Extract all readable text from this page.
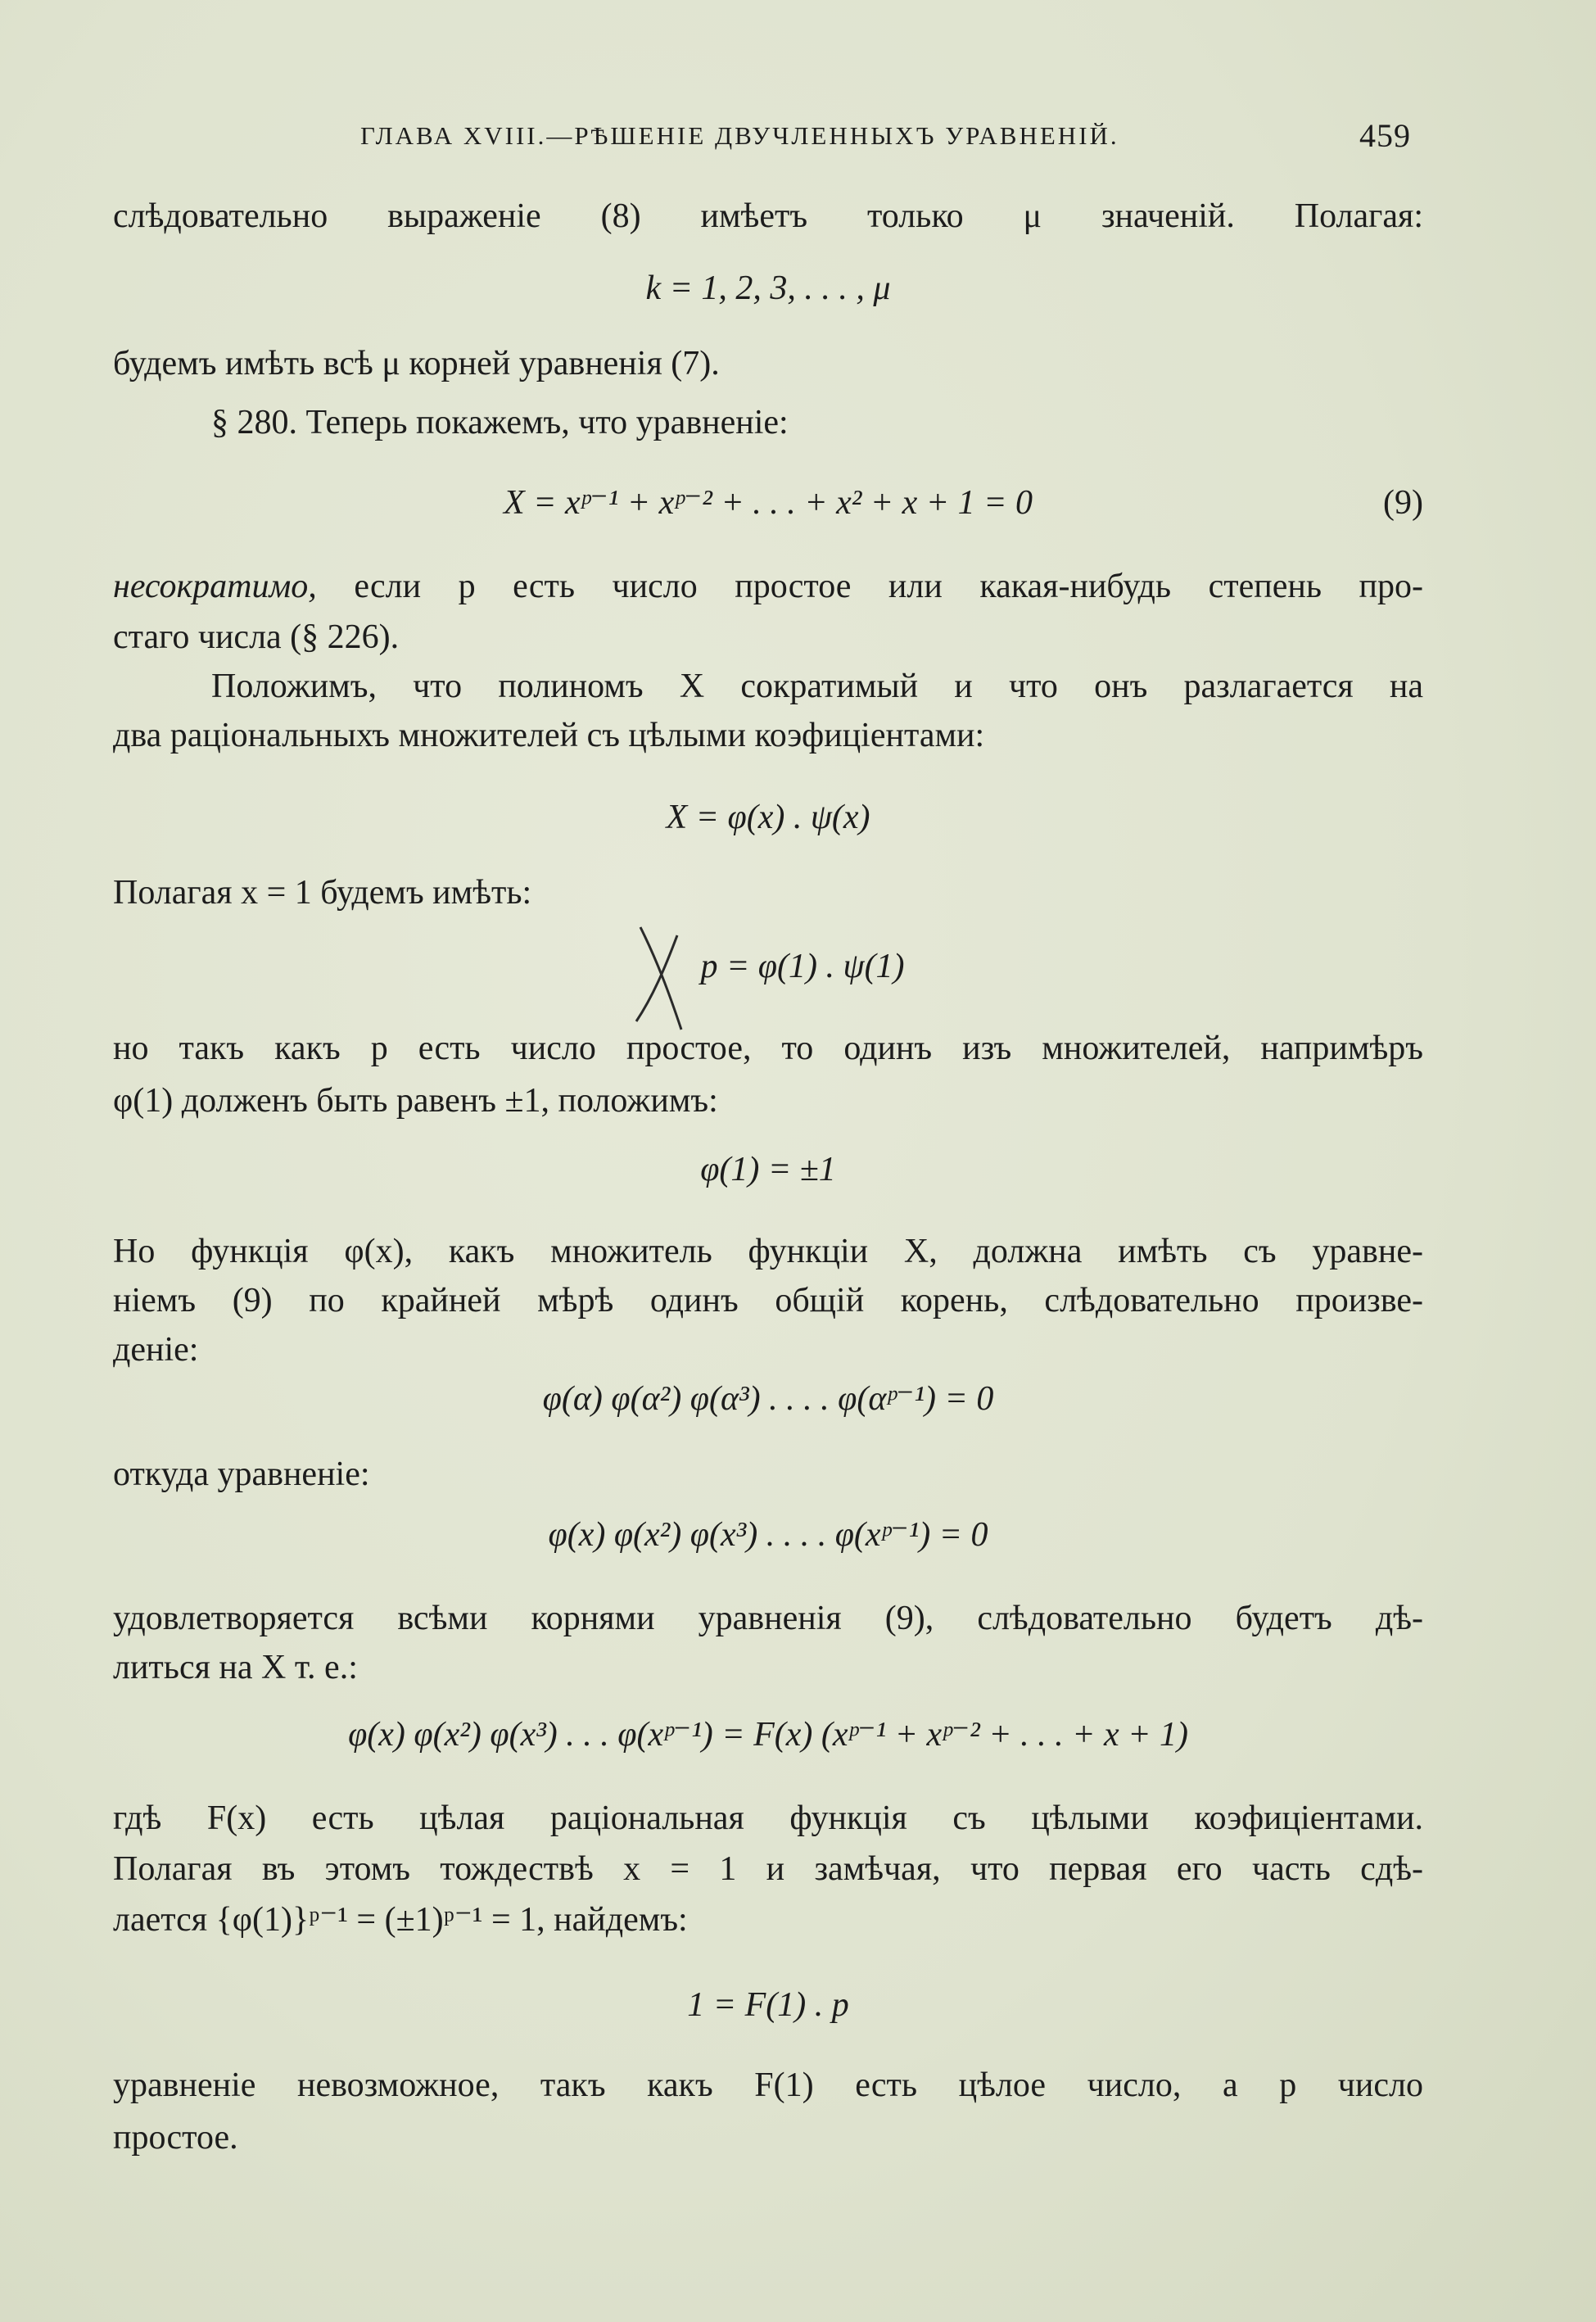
ГЛАВА XVIII.—РѢШЕНІЕ ДВУЧЛЕННЫХЪ УРАВНЕНІЙ.	459
слѣдовательно выраженіе (8) имѣетъ только μ значеній. Полагая:
k = 1, 2, 3, . . . , μ
будемъ имѣть всѣ μ корней уравненія (7).
§ 280. Теперь покажемъ, что уравненіе:
X = xᵖ⁻¹ + xᵖ⁻² + . . . + x² + x + 1 = 0	(9)
несократимо, если p есть число простое или какая-нибудь степень про-
стаго числа (§ 226).
Положимъ, что полиномъ X сократимый и что онъ разлагается на
два раціональныхъ множителей съ цѣлыми коэфиціентами:
X = φ(x) . ψ(x)
Полагая x = 1 будемъ имѣть:
p = φ(1) . ψ(1)
но такъ какъ p есть число простое, то одинъ изъ множителей, напримѣръ
φ(1) долженъ быть равенъ ±1, положимъ:
φ(1) = ±1
Но функція φ(x), какъ множитель функціи X, должна имѣть съ уравне-
ніемъ (9) по крайней мѣрѣ одинъ общій корень, слѣдовательно произве-
деніе:
φ(α) φ(α²) φ(α³) . . . . φ(αᵖ⁻¹) = 0
откуда уравненіе:
φ(x) φ(x²) φ(x³) . . . . φ(xᵖ⁻¹) = 0
удовлетворяется всѣми корнями уравненія (9), слѣдовательно будетъ дѣ-
литься на X т. е.:
φ(x) φ(x²) φ(x³) . . . φ(xᵖ⁻¹) = F(x) (xᵖ⁻¹ + xᵖ⁻² + . . . + x + 1)
гдѣ F(x) есть цѣлая раціональная функція съ цѣлыми коэфиціентами.
Полагая въ этомъ тождествѣ x = 1 и замѣчая, что первая его часть сдѣ-
лается {φ(1)}ᵖ⁻¹ = (±1)ᵖ⁻¹ = 1, найдемъ:
1 = F(1) . p
уравненіе невозможное, такъ какъ F(1) есть цѣлое число, а p число
простое.
